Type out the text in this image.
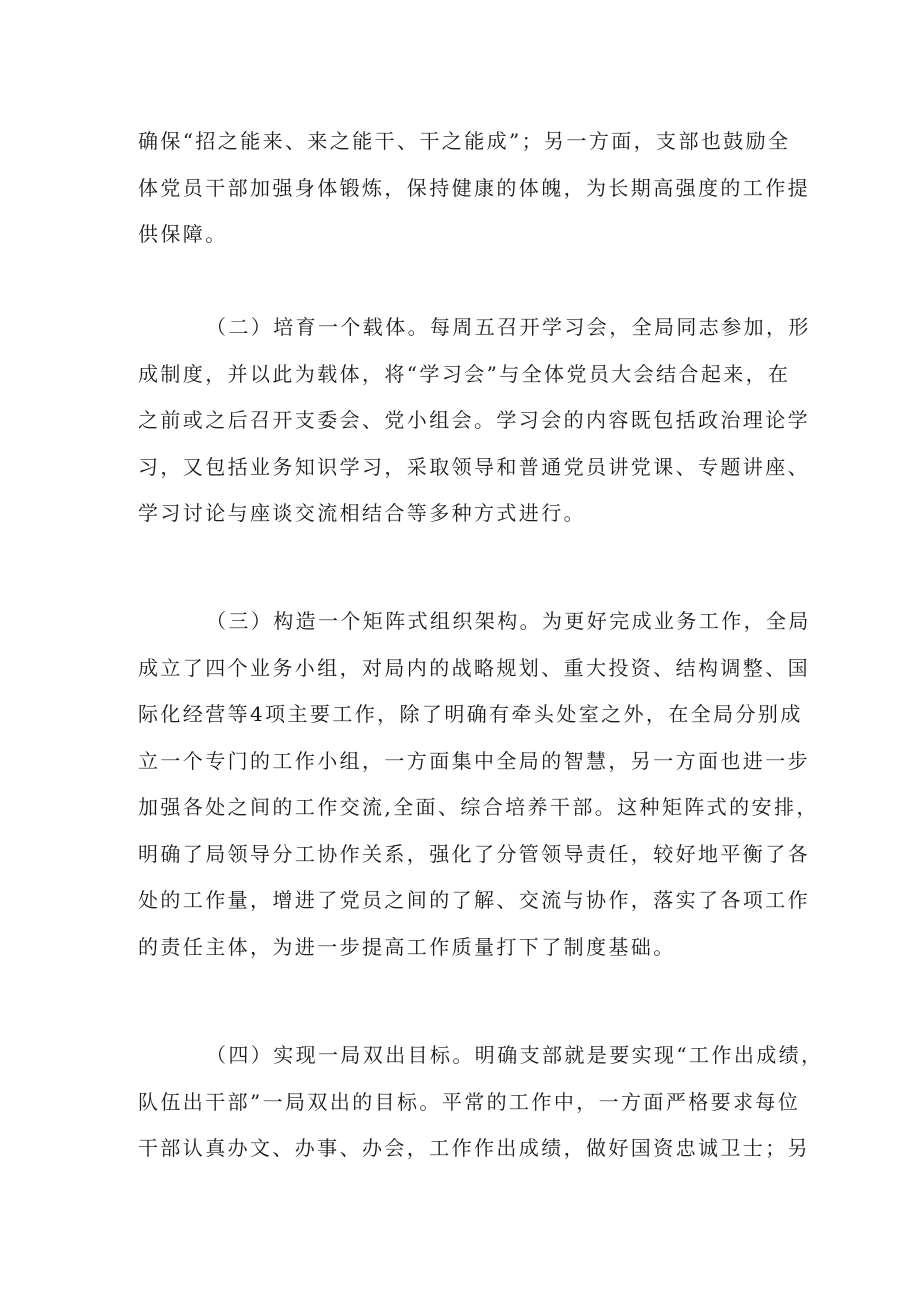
确保“招之能来、来之能干、干之能成”；另一方面，支部也鼓励全
体党员干部加强身体锻炼，保持健康的体魄，为长期高强度的工作提
供保障。
（二）培育一个载体。每周五召开学习会，全局同志参加，形
成制度，并以此为载体，将“学习会”与全体党员大会结合起来，在
之前或之后召开支委会、党小组会。学习会的内容既包括政治理论学
习，又包括业务知识学习，采取领导和普通党员讲党课、专题讲座、
学习讨论与座谈交流相结合等多种方式进行。
（三）构造一个矩阵式组织架构。为更好完成业务工作，全局
成立了四个业务小组，对局内的战略规划、重大投资、结构调整、国
际化经营等4项主要工作，除了明确有牵头处室之外，在全局分别成
立一个专门的工作小组，一方面集中全局的智慧，另一方面也进一步
加强各处之间的工作交流,全面、综合培养干部。这种矩阵式的安排，
明确了局领导分工协作关系，强化了分管领导责任，较好地平衡了各
处的工作量，增进了党员之间的了解、交流与协作，落实了各项工作
的责任主体，为进一步提高工作质量打下了制度基础。
（四）实现一局双出目标。明确支部就是要实现“工作出成绩，
队伍出干部”一局双出的目标。平常的工作中，一方面严格要求每位
干部认真办文、办事、办会，工作作出成绩，做好国资忠诚卫士；另
